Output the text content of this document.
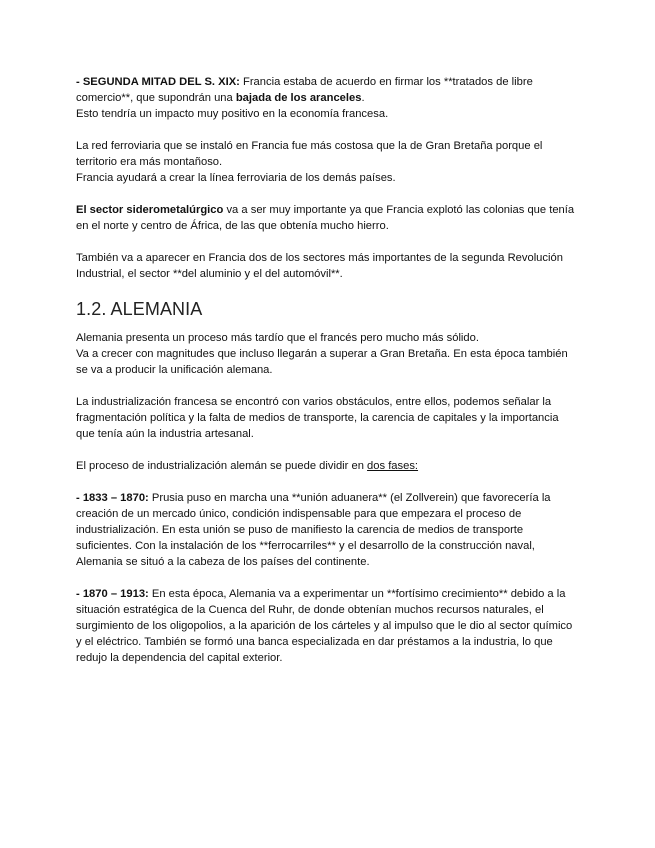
- SEGUNDA MITAD DEL S. XIX: Francia estaba de acuerdo en firmar los **tratados de libre comercio**, que supondrán una bajada de los aranceles.
Esto tendría un impacto muy positivo en la economía francesa.

La red ferroviaria que se instaló en Francia fue más costosa que la de Gran Bretaña porque el territorio era más montañoso.
Francia ayudará a crear la línea ferroviaria de los demás países.

El sector siderometalúrgico va a ser muy importante ya que Francia explotó las colonias que tenía en el norte y centro de África, de las que obtenía mucho hierro.

También va a aparecer en Francia dos de los sectores más importantes de la segunda Revolución Industrial, el sector **del aluminio y el del automóvil**.

1.2. ALEMANIA

Alemania presenta un proceso más tardío que el francés pero mucho más sólido.
Va a crecer con magnitudes que incluso llegarán a superar a Gran Bretaña. En esta época también se va a producir la unificación alemana.

La industrialización francesa se encontró con varios obstáculos, entre ellos, podemos señalar la fragmentación política y la falta de medios de transporte, la carencia de capitales y la importancia que tenía aún la industria artesanal.

El proceso de industrialización alemán se puede dividir en dos fases:

- 1833 – 1870: Prusia puso en marcha una **unión aduanera** (el Zollverein) que favorecería la creación de un mercado único, condición indispensable para que empezara el proceso de industrialización. En esta unión se puso de manifiesto la carencia de medios de transporte suficientes. Con la instalación de los **ferrocarriles** y el desarrollo de la construcción naval, Alemania se situó a la cabeza de los países del continente.

- 1870 – 1913: En esta época, Alemania va a experimentar un **fortísimo crecimiento** debido a la situación estratégica de la Cuenca del Ruhr, de donde obtenían muchos recursos naturales, el surgimiento de los oligopolios, a la aparición de los cárteles y al impulso que le dio al sector químico y el eléctrico. También se formó una banca especializada en dar préstamos a la industria, lo que redujo la dependencia del capital exterior.
